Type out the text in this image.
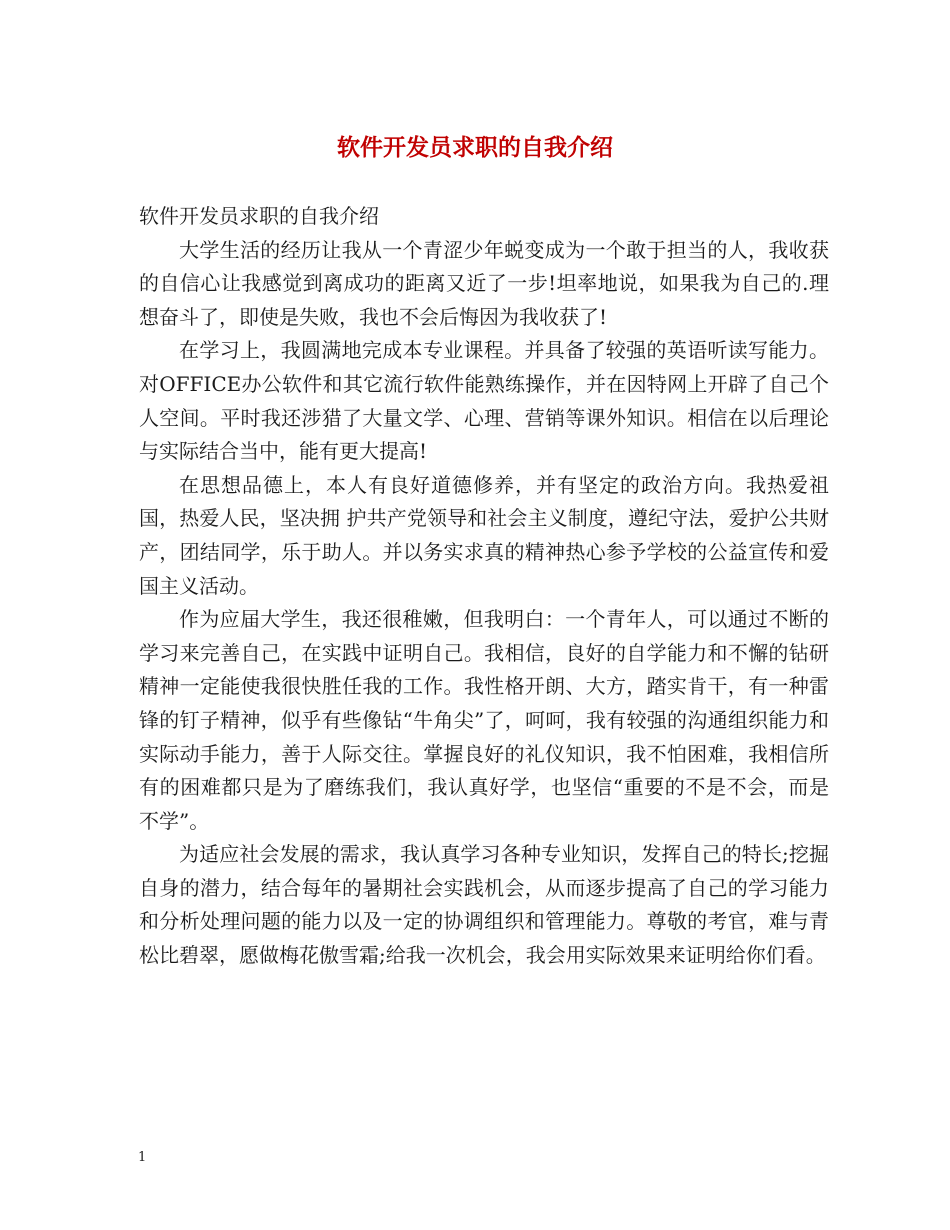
软件开发员求职的自我介绍

软件开发员求职的自我介绍

大学生活的经历让我从一个青涩少年蜕变成为一个敢于担当的人，我收获的自信心让我感觉到离成功的距离又近了一步!坦率地说，如果我为自己的.理想奋斗了，即使是失败，我也不会后悔因为我收获了!

在学习上，我圆满地完成本专业课程。并具备了较强的英语听读写能力。对OFFICE办公软件和其它流行软件能熟练操作，并在因特网上开辟了自己个人空间。平时我还涉猎了大量文学、心理、营销等课外知识。相信在以后理论与实际结合当中，能有更大提高!

在思想品德上，本人有良好道德修养，并有坚定的政治方向。我热爱祖国，热爱人民，坚决拥 护共产党领导和社会主义制度，遵纪守法，爱护公共财产，团结同学，乐于助人。并以务实求真的精神热心参予学校的公益宣传和爱国主义活动。

作为应届大学生，我还很稚嫩，但我明白：一个青年人，可以通过不断的学习来完善自己，在实践中证明自己。我相信，良好的自学能力和不懈的钻研精神一定能使我很快胜任我的工作。我性格开朗、大方，踏实肯干，有一种雷锋的钉子精神，似乎有些像钻“牛角尖”了，呵呵，我有较强的沟通组织能力和实际动手能力，善于人际交往。掌握良好的礼仪知识，我不怕困难，我相信所有的困难都只是为了磨练我们，我认真好学，也坚信“重要的不是不会，而是不学”。

为适应社会发展的需求，我认真学习各种专业知识，发挥自己的特长;挖掘自身的潜力，结合每年的暑期社会实践机会，从而逐步提高了自己的学习能力和分析处理问题的能力以及一定的协调组织和管理能力。尊敬的考官，难与青松比碧翠，愿做梅花傲雪霜;给我一次机会，我会用实际效果来证明给你们看。

1
